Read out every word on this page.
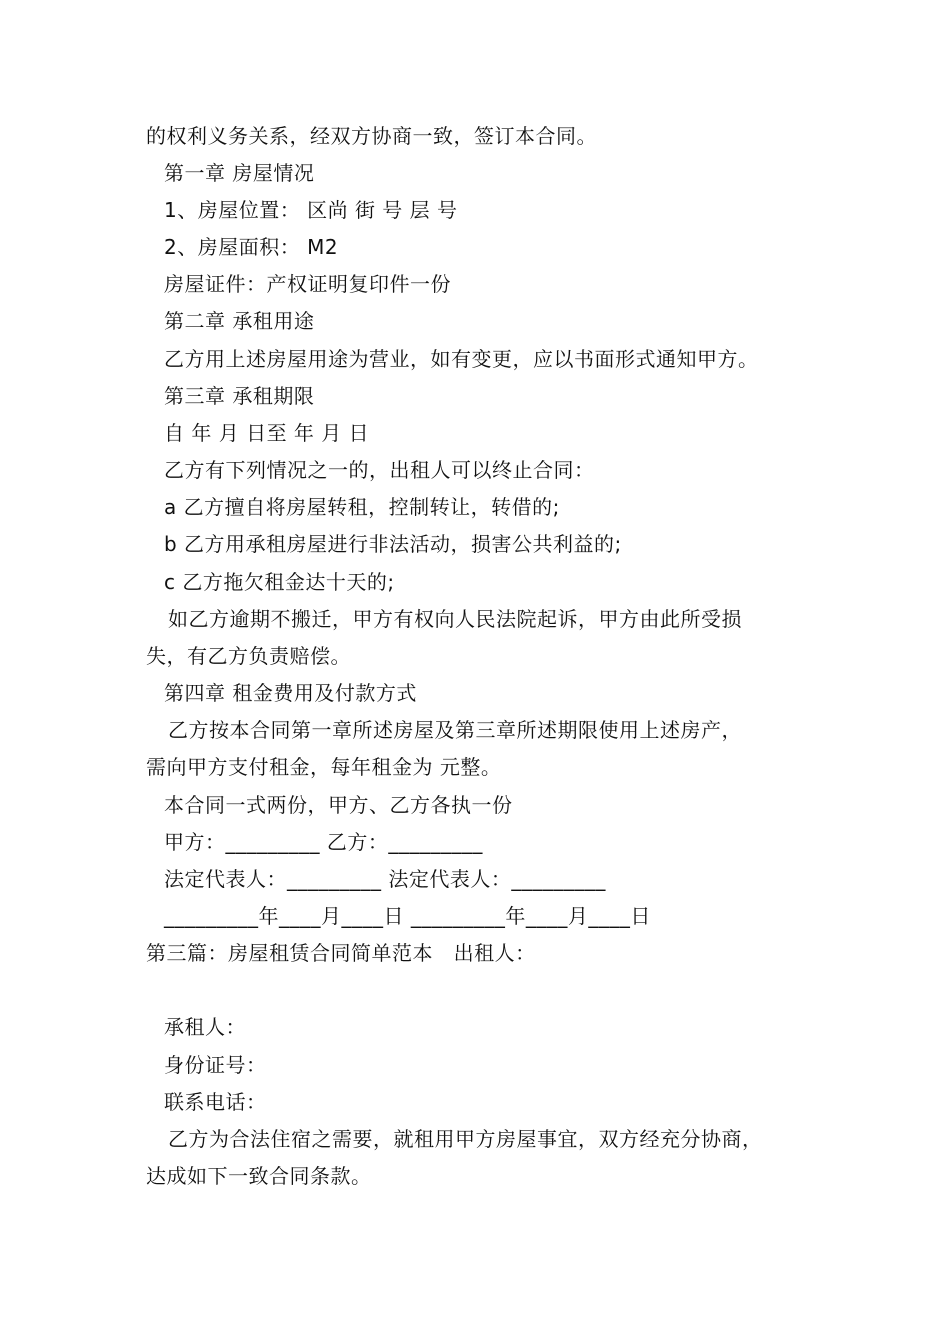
的权利义务关系，经双方协商一致，签订本合同。
第一章 房屋情况
1、房屋位置： 区尚 街 号 层 号
2、房屋面积： M2
房屋证件：产权证明复印件一份
第二章 承租用途
乙方用上述房屋用途为营业，如有变更，应以书面形式通知甲方。
第三章 承租期限
自 年 月 日至 年 月 日
乙方有下列情况之一的，出租人可以终止合同：
a 乙方擅自将房屋转租，控制转让，转借的;
b 乙方用承租房屋进行非法活动，损害公共利益的;
c 乙方拖欠租金达十天的;
如乙方逾期不搬迁，甲方有权向人民法院起诉，甲方由此所受损
失，有乙方负责赔偿。
第四章 租金费用及付款方式
乙方按本合同第一章所述房屋及第三章所述期限使用上述房产，
需向甲方支付租金，每年租金为 元整。
本合同一式两份，甲方、乙方各执一份
甲方：_________ 乙方：_________
法定代表人：_________ 法定代表人：_________
_________年____月____日 _________年____月____日
第三篇：房屋租赁合同简单范本   出租人：
承租人：
身份证号：
联系电话：
乙方为合法住宿之需要，就租用甲方房屋事宜，双方经充分协商，
达成如下一致合同条款。
